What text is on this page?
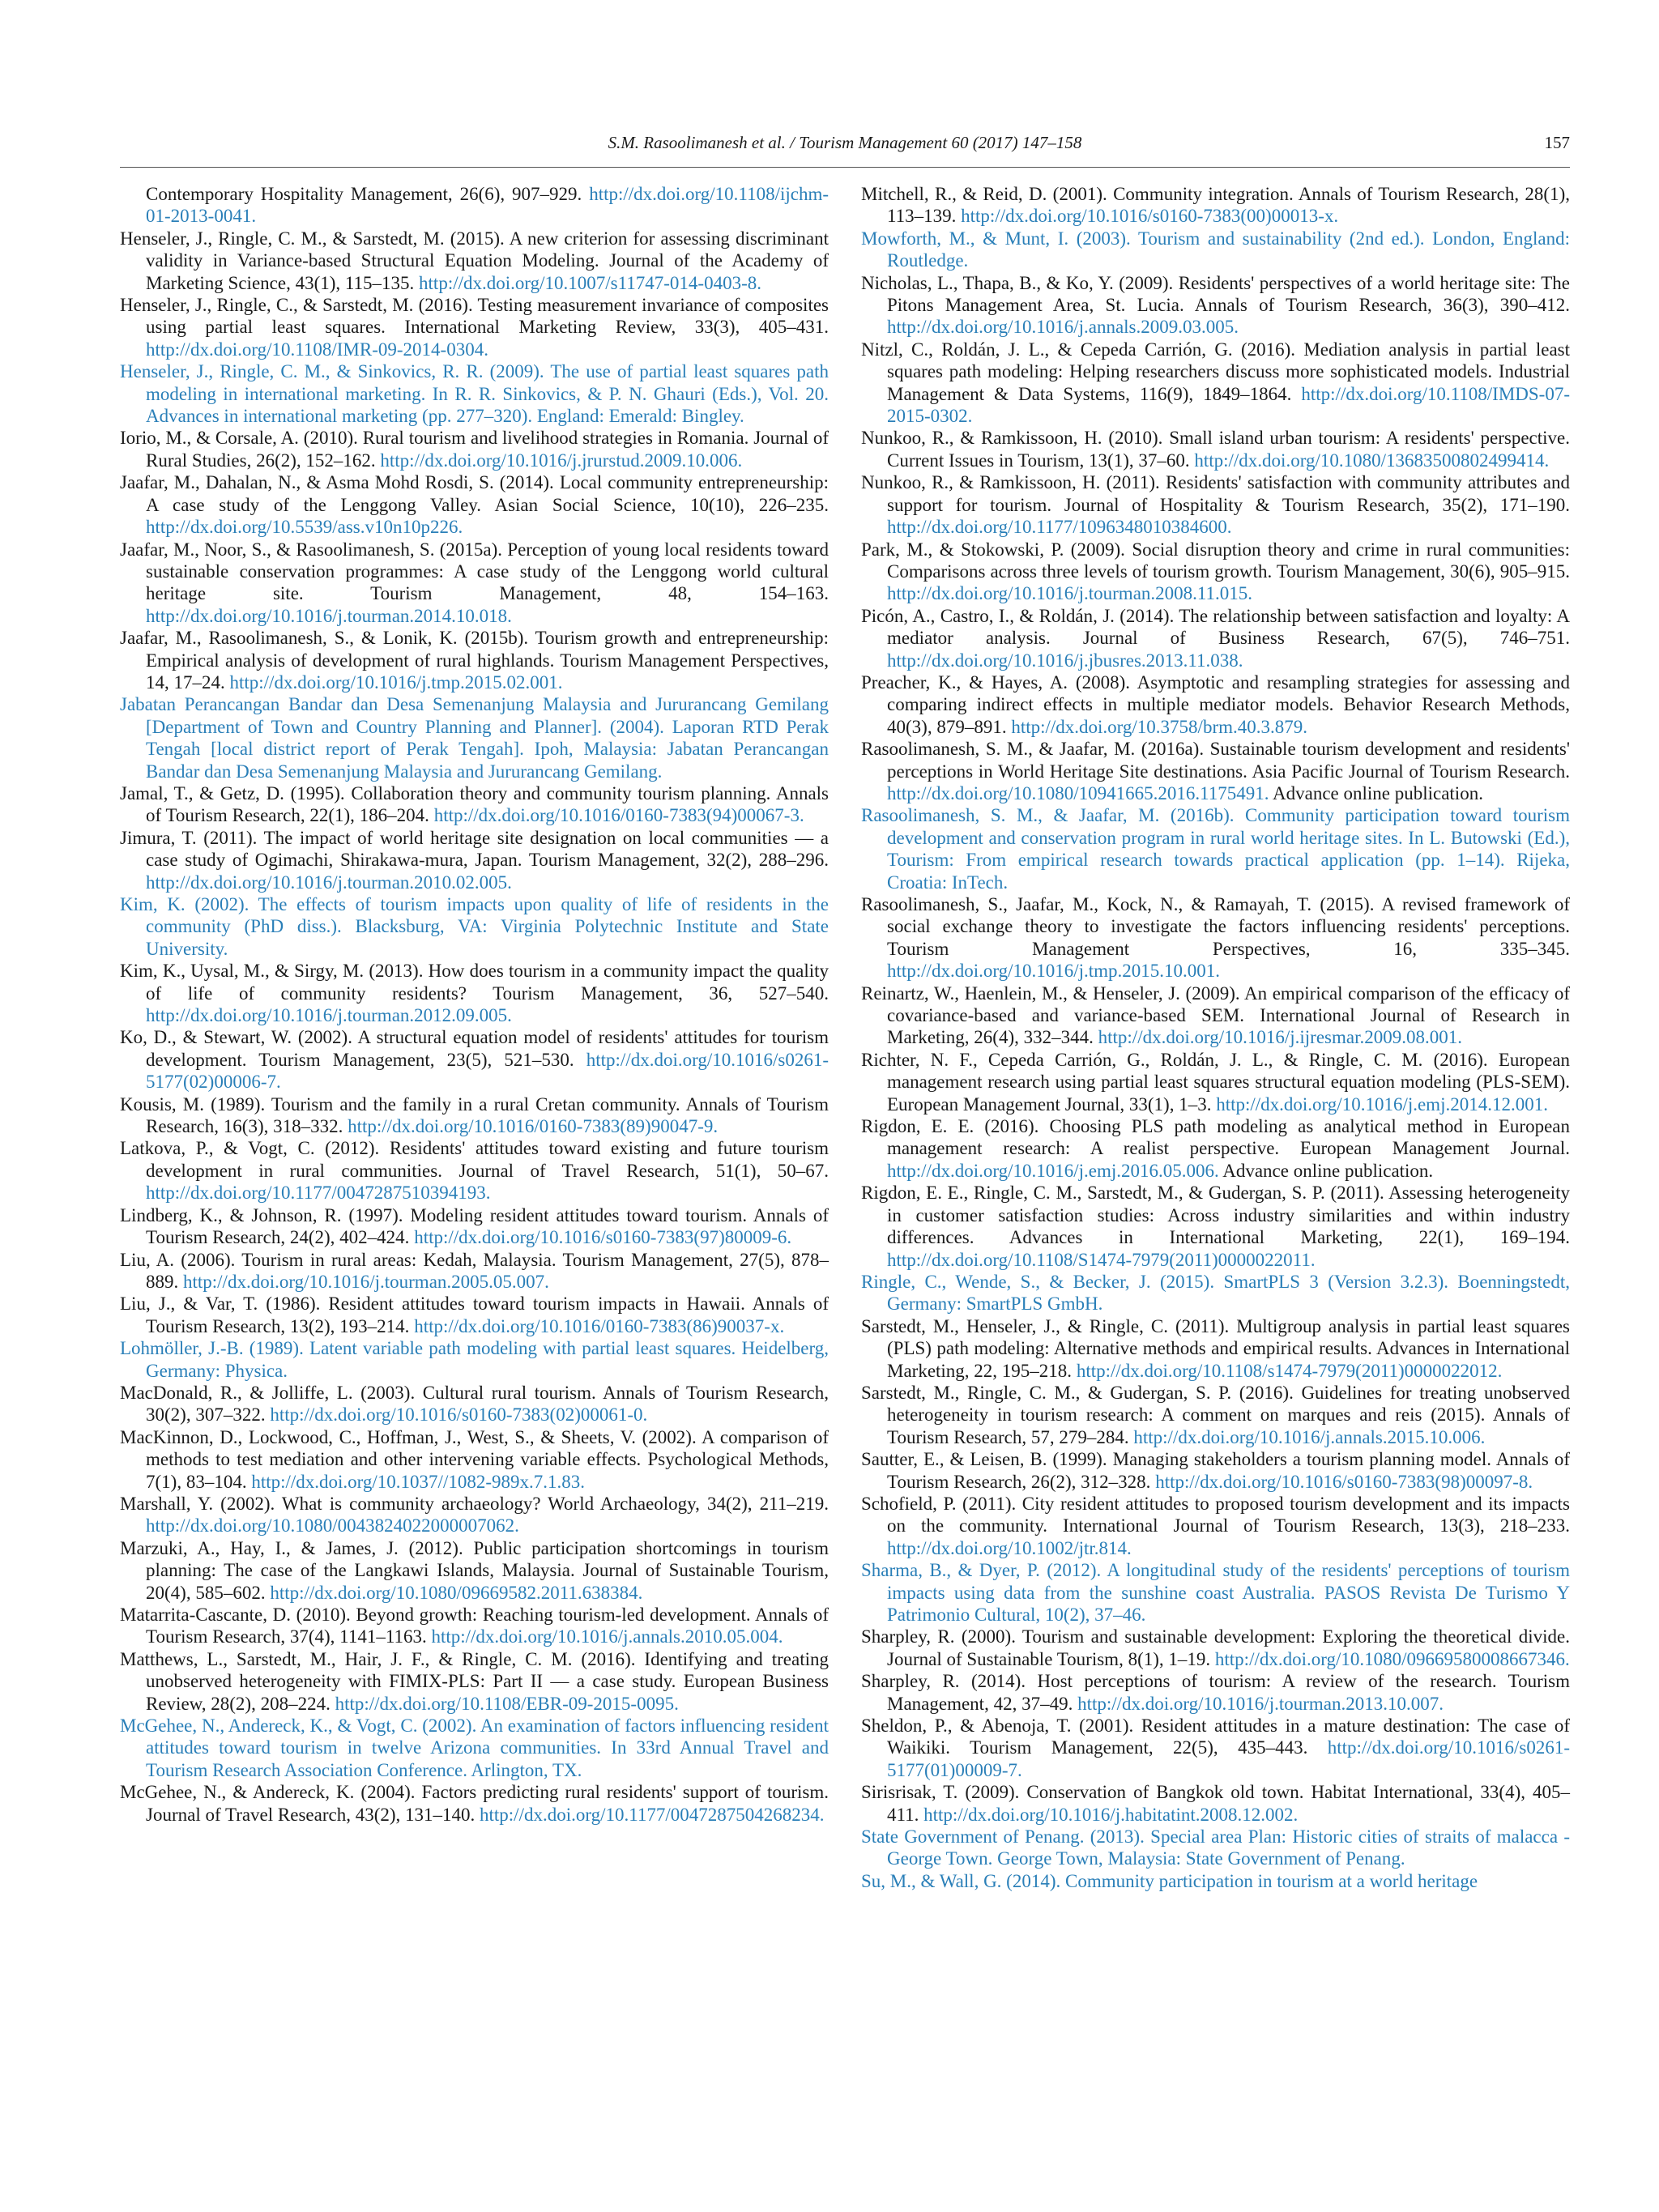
S.M. Rasoolimanesh et al. / Tourism Management 60 (2017) 147–158	157

Contemporary Hospitality Management, 26(6), 907–929. http://dx.doi.org/10.1108/ijchm-01-2013-0041.

Henseler, J., Ringle, C. M., & Sarstedt, M. (2015). A new criterion for assessing discriminant validity in Variance-based Structural Equation Modeling. Journal of the Academy of Marketing Science, 43(1), 115–135. http://dx.doi.org/10.1007/s11747-014-0403-8.

Henseler, J., Ringle, C., & Sarstedt, M. (2016). Testing measurement invariance of composites using partial least squares. International Marketing Review, 33(3), 405–431. http://dx.doi.org/10.1108/IMR-09-2014-0304.

Henseler, J., Ringle, C. M., & Sinkovics, R. R. (2009). The use of partial least squares path modeling in international marketing. In R. R. Sinkovics, & P. N. Ghauri (Eds.), Vol. 20. Advances in international marketing (pp. 277–320). England: Emerald: Bingley.

Iorio, M., & Corsale, A. (2010). Rural tourism and livelihood strategies in Romania. Journal of Rural Studies, 26(2), 152–162. http://dx.doi.org/10.1016/j.jrurstud.2009.10.006.

Jaafar, M., Dahalan, N., & Asma Mohd Rosdi, S. (2014). Local community entrepreneurship: A case study of the Lenggong Valley. Asian Social Science, 10(10), 226–235. http://dx.doi.org/10.5539/ass.v10n10p226.

Jaafar, M., Noor, S., & Rasoolimanesh, S. (2015a). Perception of young local residents toward sustainable conservation programmes: A case study of the Lenggong world cultural heritage site. Tourism Management, 48, 154–163. http://dx.doi.org/10.1016/j.tourman.2014.10.018.

Jaafar, M., Rasoolimanesh, S., & Lonik, K. (2015b). Tourism growth and entrepreneurship: Empirical analysis of development of rural highlands. Tourism Management Perspectives, 14, 17–24. http://dx.doi.org/10.1016/j.tmp.2015.02.001.

Jabatan Perancangan Bandar dan Desa Semenanjung Malaysia and Jururancang Gemilang [Department of Town and Country Planning and Planner]. (2004). Laporan RTD Perak Tengah [local district report of Perak Tengah]. Ipoh, Malaysia: Jabatan Perancangan Bandar dan Desa Semenanjung Malaysia and Jururancang Gemilang.

Jamal, T., & Getz, D. (1995). Collaboration theory and community tourism planning. Annals of Tourism Research, 22(1), 186–204. http://dx.doi.org/10.1016/0160-7383(94)00067-3.

Jimura, T. (2011). The impact of world heritage site designation on local communities — a case study of Ogimachi, Shirakawa-mura, Japan. Tourism Management, 32(2), 288–296. http://dx.doi.org/10.1016/j.tourman.2010.02.005.

Kim, K. (2002). The effects of tourism impacts upon quality of life of residents in the community (PhD diss.). Blacksburg, VA: Virginia Polytechnic Institute and State University.

Kim, K., Uysal, M., & Sirgy, M. (2013). How does tourism in a community impact the quality of life of community residents? Tourism Management, 36, 527–540. http://dx.doi.org/10.1016/j.tourman.2012.09.005.

Ko, D., & Stewart, W. (2002). A structural equation model of residents' attitudes for tourism development. Tourism Management, 23(5), 521–530. http://dx.doi.org/10.1016/s0261-5177(02)00006-7.

Kousis, M. (1989). Tourism and the family in a rural Cretan community. Annals of Tourism Research, 16(3), 318–332. http://dx.doi.org/10.1016/0160-7383(89)90047-9.

Latkova, P., & Vogt, C. (2012). Residents' attitudes toward existing and future tourism development in rural communities. Journal of Travel Research, 51(1), 50–67. http://dx.doi.org/10.1177/0047287510394193.

Lindberg, K., & Johnson, R. (1997). Modeling resident attitudes toward tourism. Annals of Tourism Research, 24(2), 402–424. http://dx.doi.org/10.1016/s0160-7383(97)80009-6.

Liu, A. (2006). Tourism in rural areas: Kedah, Malaysia. Tourism Management, 27(5), 878–889. http://dx.doi.org/10.1016/j.tourman.2005.05.007.

Liu, J., & Var, T. (1986). Resident attitudes toward tourism impacts in Hawaii. Annals of Tourism Research, 13(2), 193–214. http://dx.doi.org/10.1016/0160-7383(86)90037-x.

Lohmöller, J.-B. (1989). Latent variable path modeling with partial least squares. Heidelberg, Germany: Physica.

MacDonald, R., & Jolliffe, L. (2003). Cultural rural tourism. Annals of Tourism Research, 30(2), 307–322. http://dx.doi.org/10.1016/s0160-7383(02)00061-0.

MacKinnon, D., Lockwood, C., Hoffman, J., West, S., & Sheets, V. (2002). A comparison of methods to test mediation and other intervening variable effects. Psychological Methods, 7(1), 83–104. http://dx.doi.org/10.1037//1082-989x.7.1.83.

Marshall, Y. (2002). What is community archaeology? World Archaeology, 34(2), 211–219. http://dx.doi.org/10.1080/0043824022000007062.

Marzuki, A., Hay, I., & James, J. (2012). Public participation shortcomings in tourism planning: The case of the Langkawi Islands, Malaysia. Journal of Sustainable Tourism, 20(4), 585–602. http://dx.doi.org/10.1080/09669582.2011.638384.

Matarrita-Cascante, D. (2010). Beyond growth: Reaching tourism-led development. Annals of Tourism Research, 37(4), 1141–1163. http://dx.doi.org/10.1016/j.annals.2010.05.004.

Matthews, L., Sarstedt, M., Hair, J. F., & Ringle, C. M. (2016). Identifying and treating unobserved heterogeneity with FIMIX-PLS: Part II — a case study. European Business Review, 28(2), 208–224. http://dx.doi.org/10.1108/EBR-09-2015-0095.

McGehee, N., Andereck, K., & Vogt, C. (2002). An examination of factors influencing resident attitudes toward tourism in twelve Arizona communities. In 33rd Annual Travel and Tourism Research Association Conference. Arlington, TX.

McGehee, N., & Andereck, K. (2004). Factors predicting rural residents' support of tourism. Journal of Travel Research, 43(2), 131–140. http://dx.doi.org/10.1177/0047287504268234.

Mitchell, R., & Reid, D. (2001). Community integration. Annals of Tourism Research, 28(1), 113–139. http://dx.doi.org/10.1016/s0160-7383(00)00013-x.

Mowforth, M., & Munt, I. (2003). Tourism and sustainability (2nd ed.). London, England: Routledge.

Nicholas, L., Thapa, B., & Ko, Y. (2009). Residents' perspectives of a world heritage site: The Pitons Management Area, St. Lucia. Annals of Tourism Research, 36(3), 390–412. http://dx.doi.org/10.1016/j.annals.2009.03.005.

Nitzl, C., Roldán, J. L., & Cepeda Carrión, G. (2016). Mediation analysis in partial least squares path modeling: Helping researchers discuss more sophisticated models. Industrial Management & Data Systems, 116(9), 1849–1864. http://dx.doi.org/10.1108/IMDS-07-2015-0302.

Nunkoo, R., & Ramkissoon, H. (2010). Small island urban tourism: A residents' perspective. Current Issues in Tourism, 13(1), 37–60. http://dx.doi.org/10.1080/13683500802499414.

Nunkoo, R., & Ramkissoon, H. (2011). Residents' satisfaction with community attributes and support for tourism. Journal of Hospitality & Tourism Research, 35(2), 171–190. http://dx.doi.org/10.1177/1096348010384600.

Park, M., & Stokowski, P. (2009). Social disruption theory and crime in rural communities: Comparisons across three levels of tourism growth. Tourism Management, 30(6), 905–915. http://dx.doi.org/10.1016/j.tourman.2008.11.015.

Picón, A., Castro, I., & Roldán, J. (2014). The relationship between satisfaction and loyalty: A mediator analysis. Journal of Business Research, 67(5), 746–751. http://dx.doi.org/10.1016/j.jbusres.2013.11.038.

Preacher, K., & Hayes, A. (2008). Asymptotic and resampling strategies for assessing and comparing indirect effects in multiple mediator models. Behavior Research Methods, 40(3), 879–891. http://dx.doi.org/10.3758/brm.40.3.879.

Rasoolimanesh, S. M., & Jaafar, M. (2016a). Sustainable tourism development and residents' perceptions in World Heritage Site destinations. Asia Pacific Journal of Tourism Research. http://dx.doi.org/10.1080/10941665.2016.1175491. Advance online publication.

Rasoolimanesh, S. M., & Jaafar, M. (2016b). Community participation toward tourism development and conservation program in rural world heritage sites. In L. Butowski (Ed.), Tourism: From empirical research towards practical application (pp. 1–14). Rijeka, Croatia: InTech.

Rasoolimanesh, S., Jaafar, M., Kock, N., & Ramayah, T. (2015). A revised framework of social exchange theory to investigate the factors influencing residents' perceptions. Tourism Management Perspectives, 16, 335–345. http://dx.doi.org/10.1016/j.tmp.2015.10.001.

Reinartz, W., Haenlein, M., & Henseler, J. (2009). An empirical comparison of the efficacy of covariance-based and variance-based SEM. International Journal of Research in Marketing, 26(4), 332–344. http://dx.doi.org/10.1016/j.ijresmar.2009.08.001.

Richter, N. F., Cepeda Carrión, G., Roldán, J. L., & Ringle, C. M. (2016). European management research using partial least squares structural equation modeling (PLS-SEM). European Management Journal, 33(1), 1–3. http://dx.doi.org/10.1016/j.emj.2014.12.001.

Rigdon, E. E. (2016). Choosing PLS path modeling as analytical method in European management research: A realist perspective. European Management Journal. http://dx.doi.org/10.1016/j.emj.2016.05.006. Advance online publication.

Rigdon, E. E., Ringle, C. M., Sarstedt, M., & Gudergan, S. P. (2011). Assessing heterogeneity in customer satisfaction studies: Across industry similarities and within industry differences. Advances in International Marketing, 22(1), 169–194. http://dx.doi.org/10.1108/S1474-7979(2011)0000022011.

Ringle, C., Wende, S., & Becker, J. (2015). SmartPLS 3 (Version 3.2.3). Boenningstedt, Germany: SmartPLS GmbH.

Sarstedt, M., Henseler, J., & Ringle, C. (2011). Multigroup analysis in partial least squares (PLS) path modeling: Alternative methods and empirical results. Advances in International Marketing, 22, 195–218. http://dx.doi.org/10.1108/s1474-7979(2011)0000022012.

Sarstedt, M., Ringle, C. M., & Gudergan, S. P. (2016). Guidelines for treating unobserved heterogeneity in tourism research: A comment on marques and reis (2015). Annals of Tourism Research, 57, 279–284. http://dx.doi.org/10.1016/j.annals.2015.10.006.

Sautter, E., & Leisen, B. (1999). Managing stakeholders a tourism planning model. Annals of Tourism Research, 26(2), 312–328. http://dx.doi.org/10.1016/s0160-7383(98)00097-8.

Schofield, P. (2011). City resident attitudes to proposed tourism development and its impacts on the community. International Journal of Tourism Research, 13(3), 218–233. http://dx.doi.org/10.1002/jtr.814.

Sharma, B., & Dyer, P. (2012). A longitudinal study of the residents' perceptions of tourism impacts using data from the sunshine coast Australia. PASOS Revista De Turismo Y Patrimonio Cultural, 10(2), 37–46.

Sharpley, R. (2000). Tourism and sustainable development: Exploring the theoretical divide. Journal of Sustainable Tourism, 8(1), 1–19. http://dx.doi.org/10.1080/09669580008667346.

Sharpley, R. (2014). Host perceptions of tourism: A review of the research. Tourism Management, 42, 37–49. http://dx.doi.org/10.1016/j.tourman.2013.10.007.

Sheldon, P., & Abenoja, T. (2001). Resident attitudes in a mature destination: The case of Waikiki. Tourism Management, 22(5), 435–443. http://dx.doi.org/10.1016/s0261-5177(01)00009-7.

Sirisrisak, T. (2009). Conservation of Bangkok old town. Habitat International, 33(4), 405–411. http://dx.doi.org/10.1016/j.habitatint.2008.12.002.

State Government of Penang. (2013). Special area Plan: Historic cities of straits of malacca - George Town. George Town, Malaysia: State Government of Penang.

Su, M., & Wall, G. (2014). Community participation in tourism at a world heritage
